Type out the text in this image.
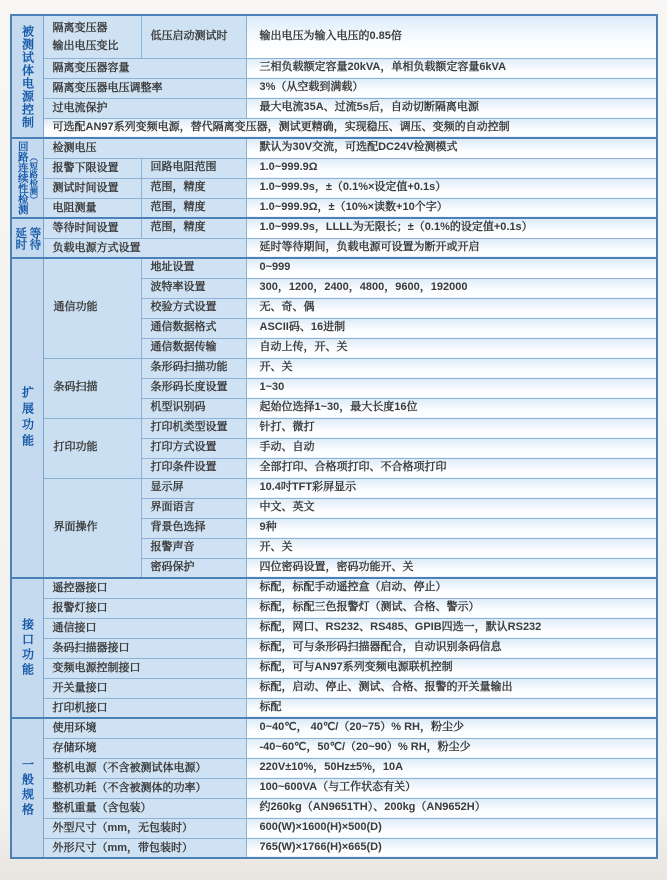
被测试体电源控制	隔离变压器
输出电压变比	低压启动测试时	输出电压为输入电压的0.85倍
	隔离变压器容量		三相负载额定容量20kVA，单相负载额定容量6kVA
	隔离变压器电压调整率		3%（从空载到满载）
	过电流保护		最大电流35A、过流5s后，自动切断隔离电源
	可选配AN97系列变频电源，替代隔离变压器，测试更精确，实现稳压、调压、变频的自动控制		
回路连续性检测（短路检测）	检测电压		默认为30V交流，可选配DC24V检测模式
	报警下限设置	回路电阻范围	1.0~999.9Ω
	测试时间设置	范围，精度	1.0~999.9s，±（0.1%×设定值+0.1s）
	电阻测量	范围，精度	1.0~999.9Ω，±（10%×读数+10个字）
延时 等待	等待时间设置	范围，精度	1.0~999.9s，LLLL为无限长；±（0.1%的设定值+0.1s）
	负载电源方式设置		延时等待期间，负载电源可设置为断开或开启
扩展功能	通信功能	地址设置	0~999
		波特率设置	300，1200，2400，4800，9600，192000
		校验方式设置	无、奇、偶
		通信数据格式	ASCII码、16进制
		通信数据传输	自动上传，开、关
	条码扫描	条形码扫描功能	开、关
		条形码长度设置	1~30
		机型识别码	起始位选择1~30，最大长度16位
	打印功能	打印机类型设置	针打、微打
		打印方式设置	手动、自动
		打印条件设置	全部打印、合格项打印、不合格项打印
	界面操作	显示屏	10.4吋TFT彩屏显示
		界面语言	中文、英文
		背景色选择	9种
		报警声音	开、关
		密码保护	四位密码设置，密码功能开、关
接口功能	遥控器接口		标配，标配手动遥控盒（启动、停止）
	报警灯接口		标配，标配三色报警灯（测试、合格、警示）
	通信接口		标配，网口、RS232、RS485、GPIB四选一，默认RS232
	条码扫描器接口		标配，可与条形码扫描器配合，自动识别条码信息
	变频电源控制接口		标配，可与AN97系列变频电源联机控制
	开关量接口		标配，启动、停止、测试、合格、报警的开关量输出
	打印机接口		标配
一般规格	使用环境		0~40℃， 40℃/（20~75）% RH，粉尘少
	存储环境		-40~60℃，50℃/（20~90）% RH，粉尘少
	整机电源（不含被测试体电源）		220V±10%，50Hz±5%，10A
	整机功耗（不含被测体的功率）		100~600VA（与工作状态有关）
	整机重量（含包装）		约260kg（AN9651TH）、200kg（AN9652H）
	外型尺寸（mm，无包装时）		600(W)×1600(H)×500(D)
	外形尺寸（mm，带包装时）		765(W)×1766(H)×665(D)
